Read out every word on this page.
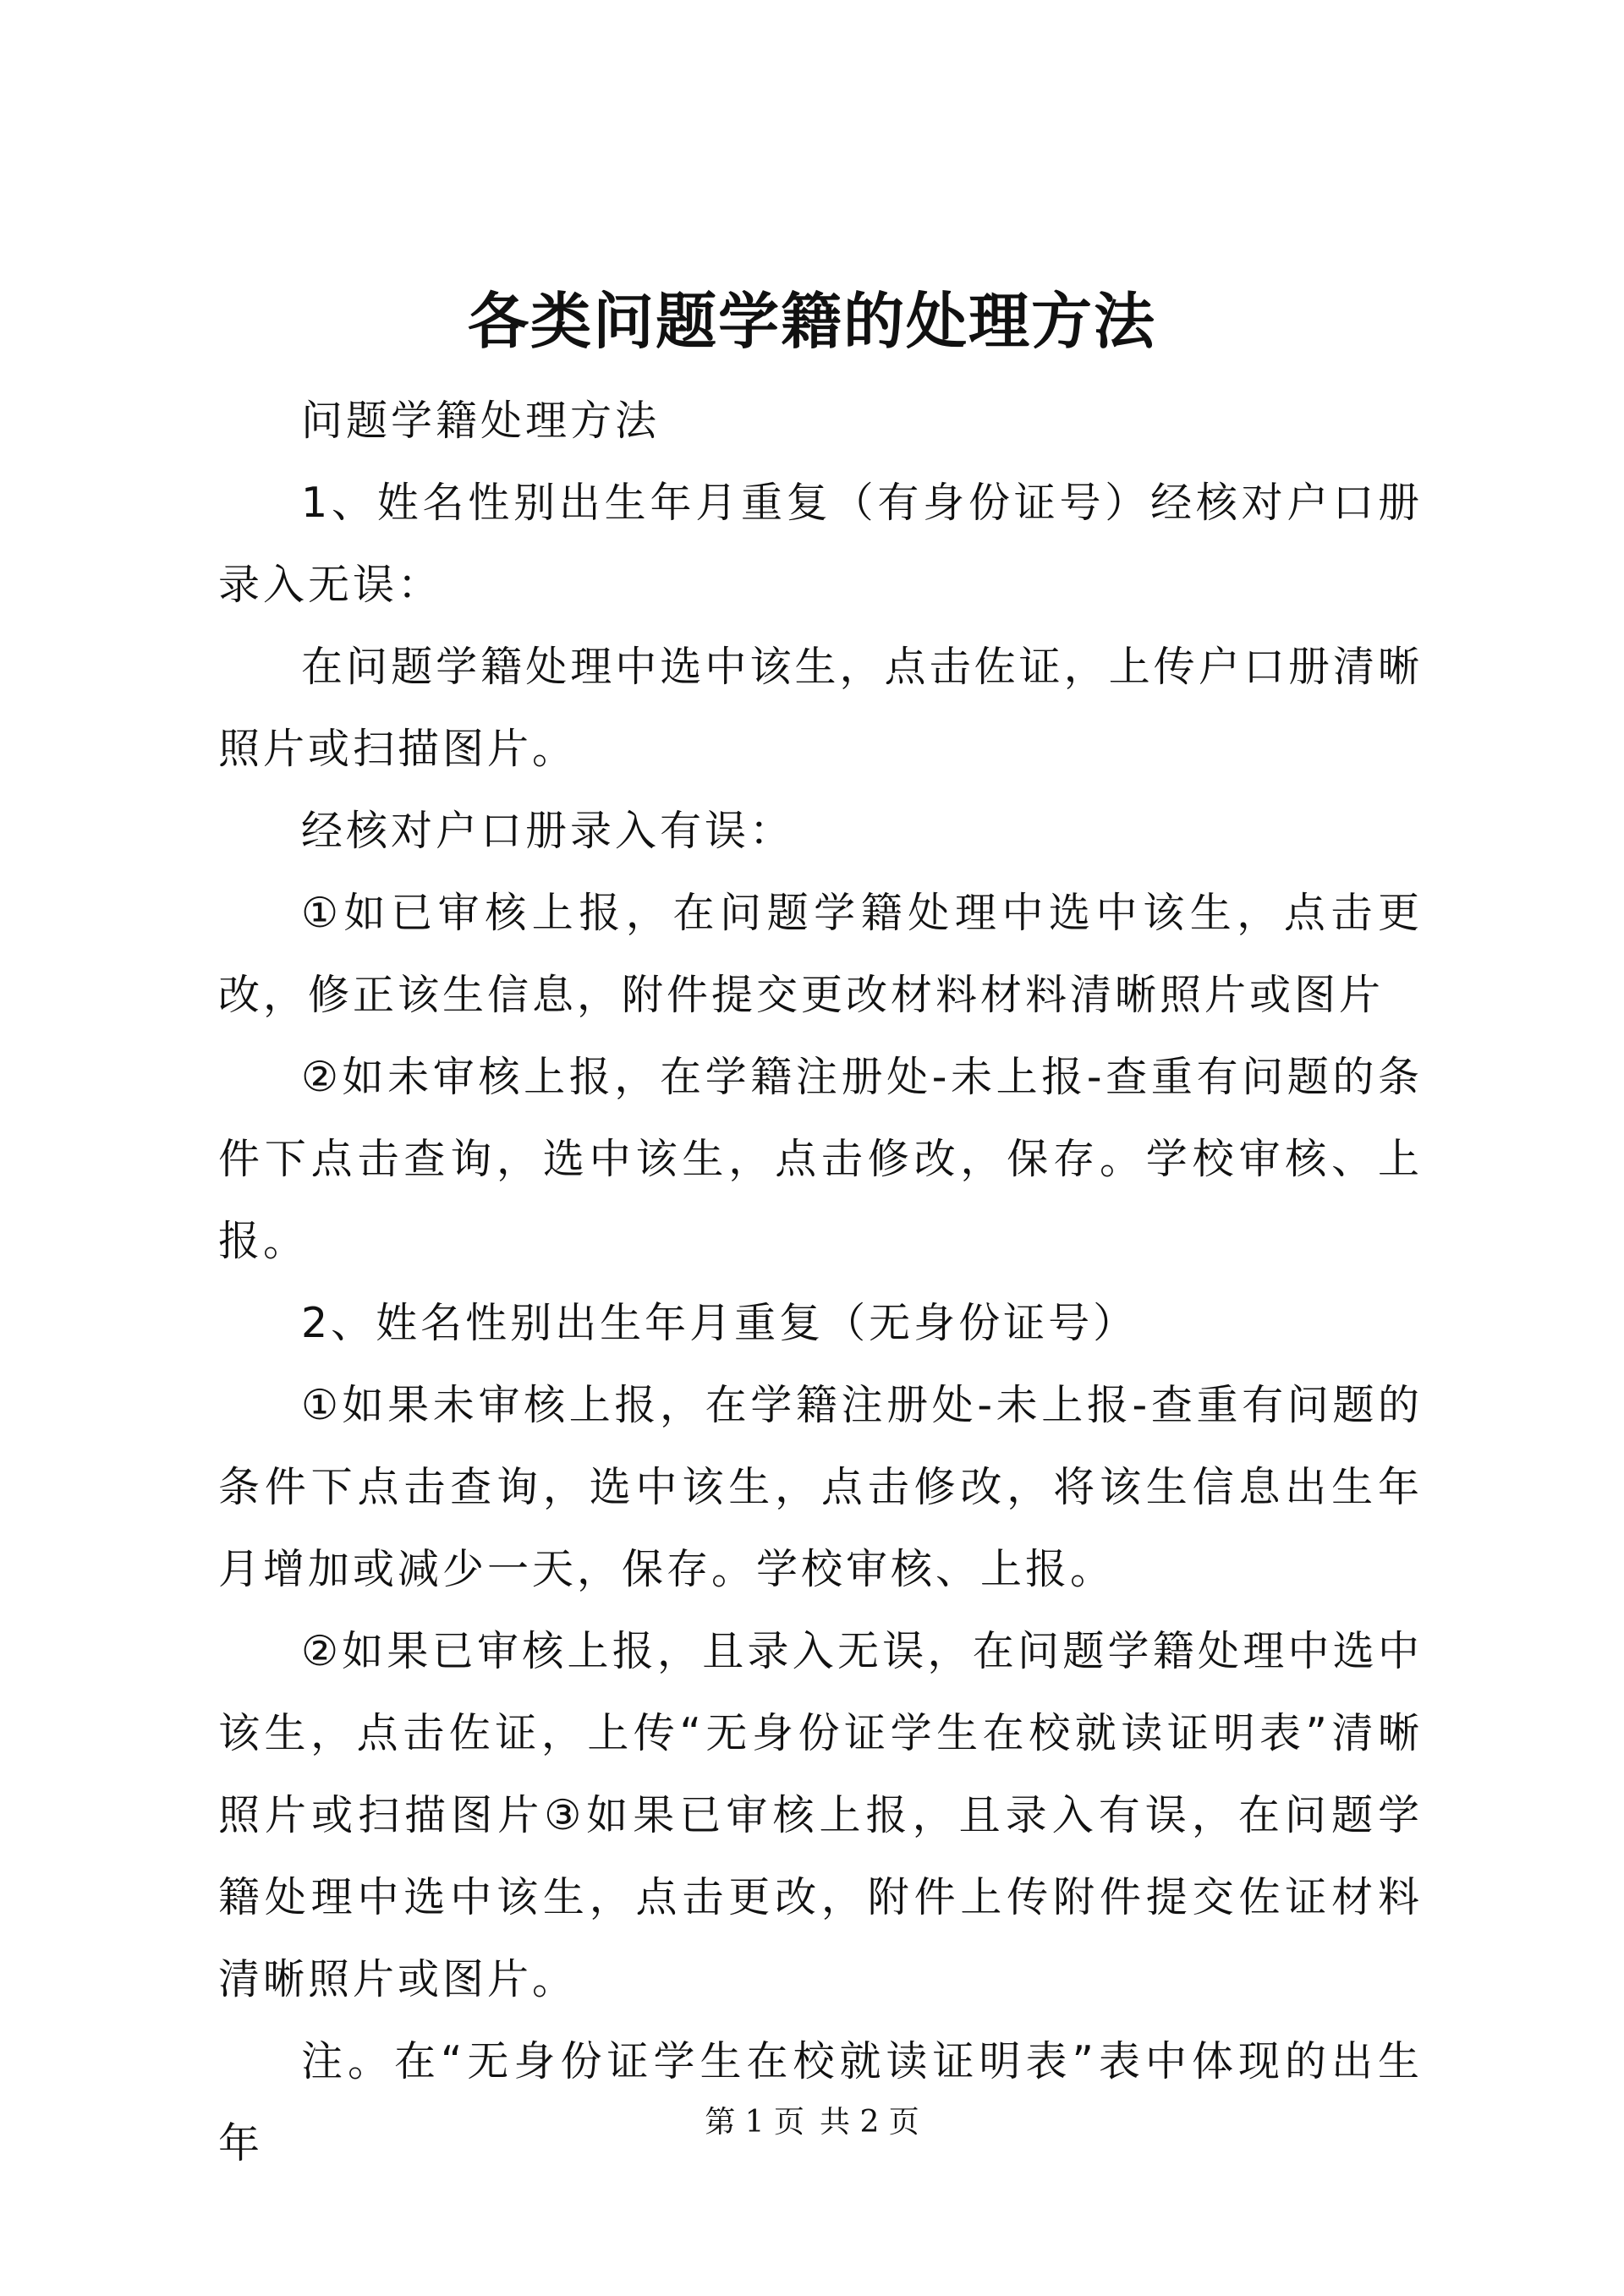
各类问题学籍的处理方法

问题学籍处理方法

1、姓名性别出生年月重复（有身份证号）经核对户口册录入无误：

在问题学籍处理中选中该生，点击佐证，上传户口册清晰照片或扫描图片。

经核对户口册录入有误：

①如已审核上报，在问题学籍处理中选中该生，点击更改，修正该生信息，附件提交更改材料材料清晰照片或图片

②如未审核上报，在学籍注册处-未上报-查重有问题的条件下点击查询，选中该生，点击修改，保存。学校审核、上报。

2、姓名性别出生年月重复（无身份证号）

①如果未审核上报，在学籍注册处-未上报-查重有问题的条件下点击查询，选中该生，点击修改，将该生信息出生年月增加或减少一天，保存。学校审核、上报。

②如果已审核上报，且录入无误，在问题学籍处理中选中该生，点击佐证，上传“无身份证学生在校就读证明表”清晰照片或扫描图片③如果已审核上报，且录入有误，在问题学籍处理中选中该生，点击更改，附件上传附件提交佐证材料清晰照片或图片。

注。在“无身份证学生在校就读证明表”表中体现的出生年	第 1 页 共 2 页
